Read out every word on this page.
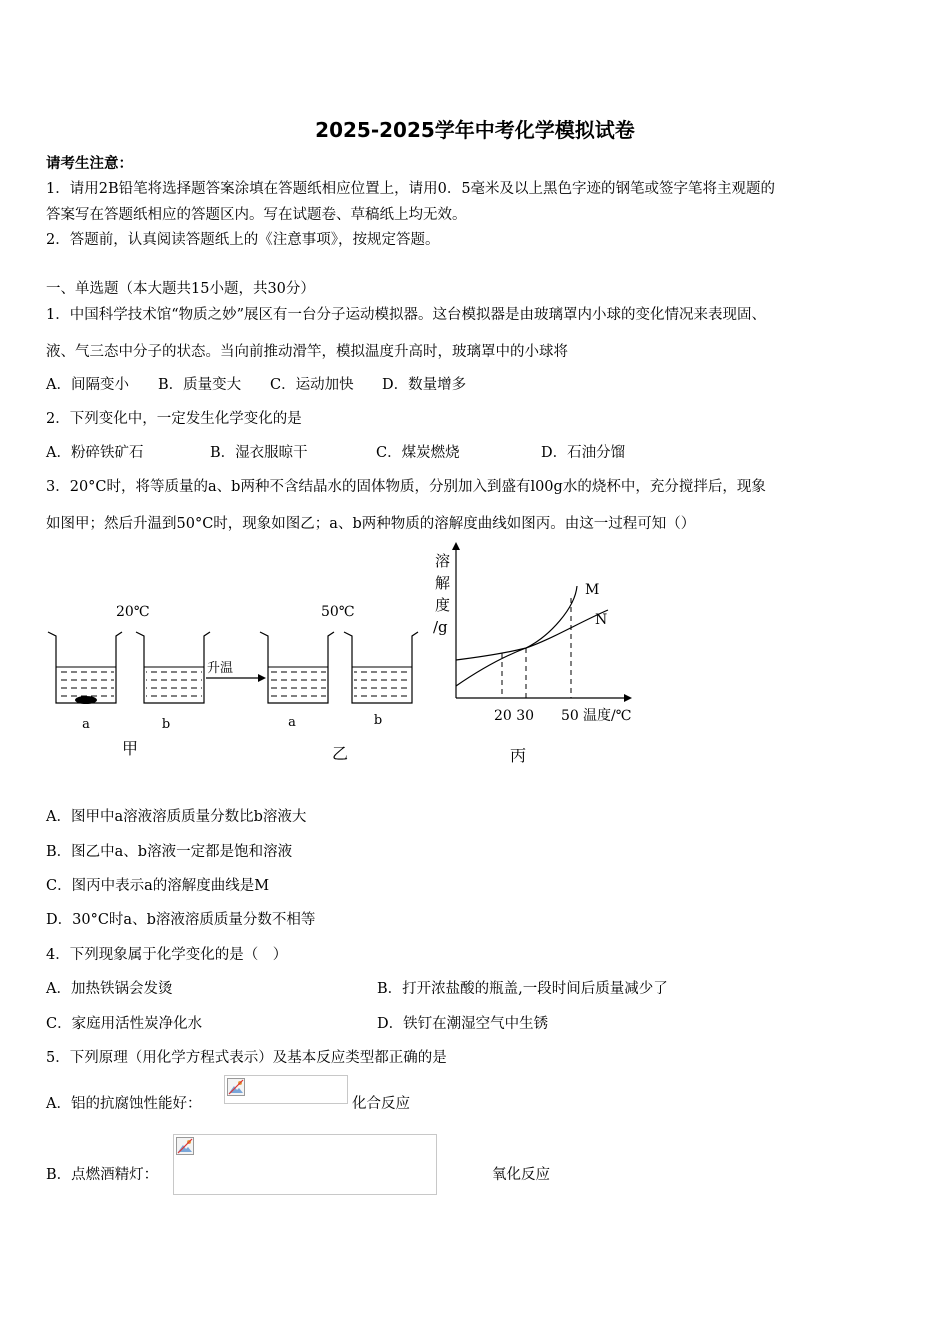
2025-2025学年中考化学模拟试卷
请考生注意：
1．请用2B铅笔将选择题答案涂填在答题纸相应位置上，请用0．5毫米及以上黑色字迹的钢笔或签字笔将主观题的
答案写在答题纸相应的答题区内。写在试题卷、草稿纸上均无效。
2．答题前，认真阅读答题纸上的《注意事项》，按规定答题。
一、单选题（本大题共15小题，共30分）
1．中国科学技术馆“物质之妙”展区有一台分子运动模拟器。这台模拟器是由玻璃罩内小球的变化情况来表现固、
液、气三态中分子的状态。当向前推动滑竿，模拟温度升高时，玻璃罩中的小球将
A．间隔变小 B．质量变大 C．运动加快 D．数量增多
2．下列变化中，一定发生化学变化的是
A．粉碎铁矿石	B．湿衣服晾干	C．煤炭燃烧	D．石油分馏
3．20°C时，将等质量的a、b两种不含结晶水的固体物质，分别加入到盛有l00g水的烧杯中，充分搅拌后，现象
如图甲；然后升温到50°C时，现象如图乙；a、b两种物质的溶解度曲线如图丙。由这一过程可知（）
20℃	50℃
升温
a	b	a	b
甲	乙	丙
溶
解
度
/g
M
N
20 30 50 温度/℃
A．图甲中a溶液溶质质量分数比b溶液大
B．图乙中a、b溶液一定都是饱和溶液
C．图丙中表示a的溶解度曲线是M
D．30°C时a、b溶液溶质质量分数不相等
4．下列现象属于化学变化的是（　）
A．加热铁锅会发烫	B．打开浓盐酸的瓶盖,一段时间后质量减少了
C．家庭用活性炭净化水	D．铁钉在潮湿空气中生锈
5．下列原理（用化学方程式表示）及基本反应类型都正确的是
A．铝的抗腐蚀性能好：	化合反应
B．点燃酒精灯：	氧化反应
